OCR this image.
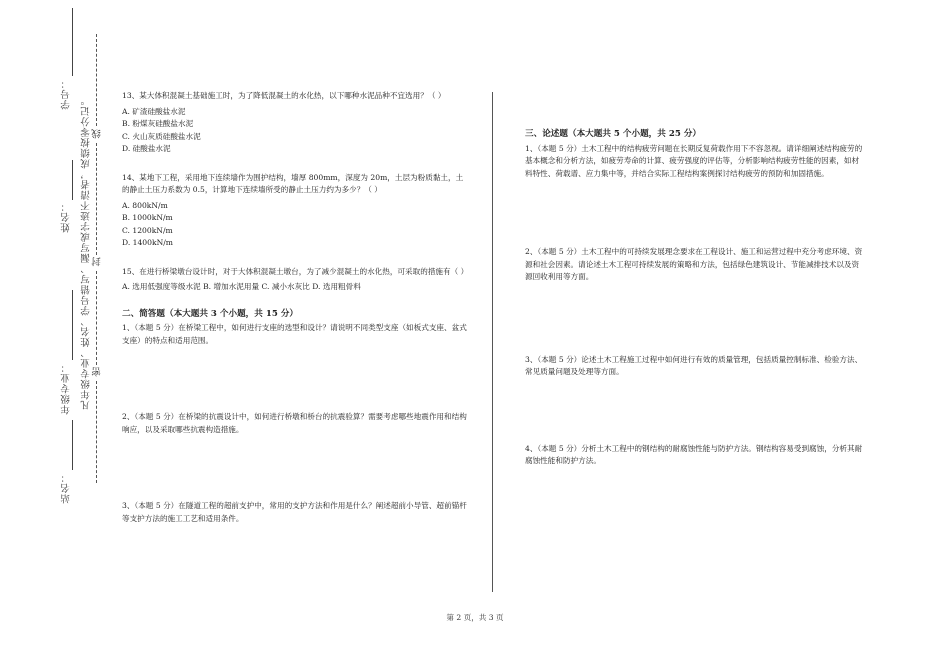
学号：
姓名：
年级专业：
站名：
凡年级专业、姓名、学号错写、漏写或字迹不清者，成绩按零分记。 线
封
密

13、某大体积混凝土基础施工时，为了降低混凝土的水化热，以下哪种水泥品种不宜选用？（ ）

A. 矿渣硅酸盐水泥

B. 粉煤灰硅酸盐水泥

C. 火山灰质硅酸盐水泥

D. 硅酸盐水泥

14、某地下工程，采用地下连续墙作为围护结构，墙厚 800mm，深度为 20m，土层为粉质黏土，土的静止土压力系数为 0.5，计算地下连续墙所受的静止土压力约为多少？（ ）

A. 800kN/m

B. 1000kN/m

C. 1200kN/m

D. 1400kN/m

15、在进行桥梁墩台设计时，对于大体积混凝土墩台，为了减少混凝土的水化热，可采取的措施有（ ）

A. 选用低强度等级水泥 B. 增加水泥用量 C. 减小水灰比 D. 选用粗骨料

二、简答题（本大题共 3 个小题，共 15 分）

1、（本题 5 分）在桥梁工程中，如何进行支座的选型和设计？请说明不同类型支座（如板式支座、盆式支座）的特点和适用范围。

2、（本题 5 分）在桥梁的抗震设计中，如何进行桥墩和桥台的抗震验算？需要考虑哪些地震作用和结构响应，以及采取哪些抗震构造措施。

3、（本题 5 分）在隧道工程的超前支护中，常用的支护方法和作用是什么？阐述超前小导管、超前锚杆等支护方法的施工工艺和适用条件。

三、论述题（本大题共 5 个小题，共 25 分）

1、（本题 5 分）土木工程中的结构疲劳问题在长期反复荷载作用下不容忽视。请详细阐述结构疲劳的基本概念和分析方法，如疲劳寿命的计算、疲劳强度的评估等，分析影响结构疲劳性能的因素，如材料特性、荷载谱、应力集中等，并结合实际工程结构案例探讨结构疲劳的预防和加固措施。

2、（本题 5 分）土木工程中的可持续发展理念要求在工程设计、施工和运营过程中充分考虑环境、资源和社会因素。请论述土木工程可持续发展的策略和方法，包括绿色建筑设计、节能减排技术以及资源回收利用等方面。

3、（本题 5 分）论述土木工程施工过程中如何进行有效的质量管理，包括质量控制标准、检验方法、常见质量问题及处理等方面。

4、（本题 5 分）分析土木工程中的钢结构的耐腐蚀性能与防护方法。钢结构容易受到腐蚀，分析其耐腐蚀性能和防护方法。

第 2 页，共 3 页
